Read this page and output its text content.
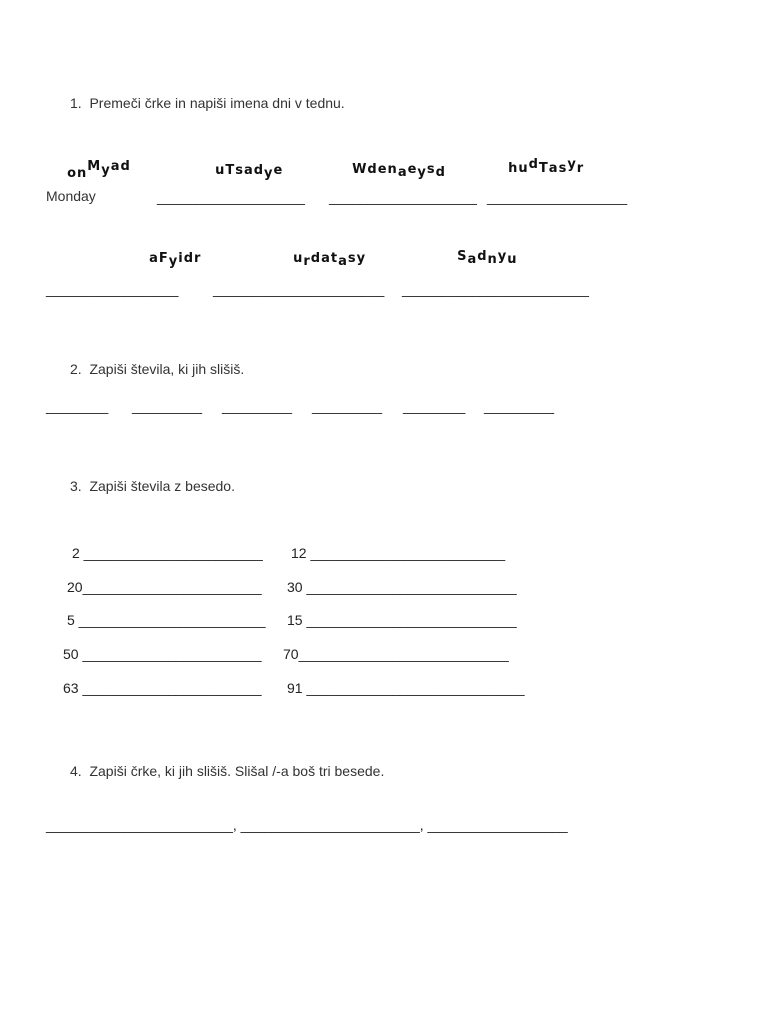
1.  Premeči črke in napiši imena dni v tednu.

onMyad	uTsadye	Wdenaeysd	hudTasyr

Monday	___________________ ___________________ __________________

aFyidr	urdatasy	Sadnyu

_________________ ______________________ ________________________
2.  Zapiši števila, ki jih slišiš.
________ _________ _________ _________ ________ _________
3.  Zapiši števila z besedo.
2 _______________________ 12 _________________________
20_______________________ 30 ___________________________
5 ________________________ 15 ___________________________
50 _______________________ 70___________________________
63 _______________________ 91 ____________________________
4.  Zapiši črke, ki jih slišiš. Slišal /-a boš tri besede.
________________________, _______________________, __________________
